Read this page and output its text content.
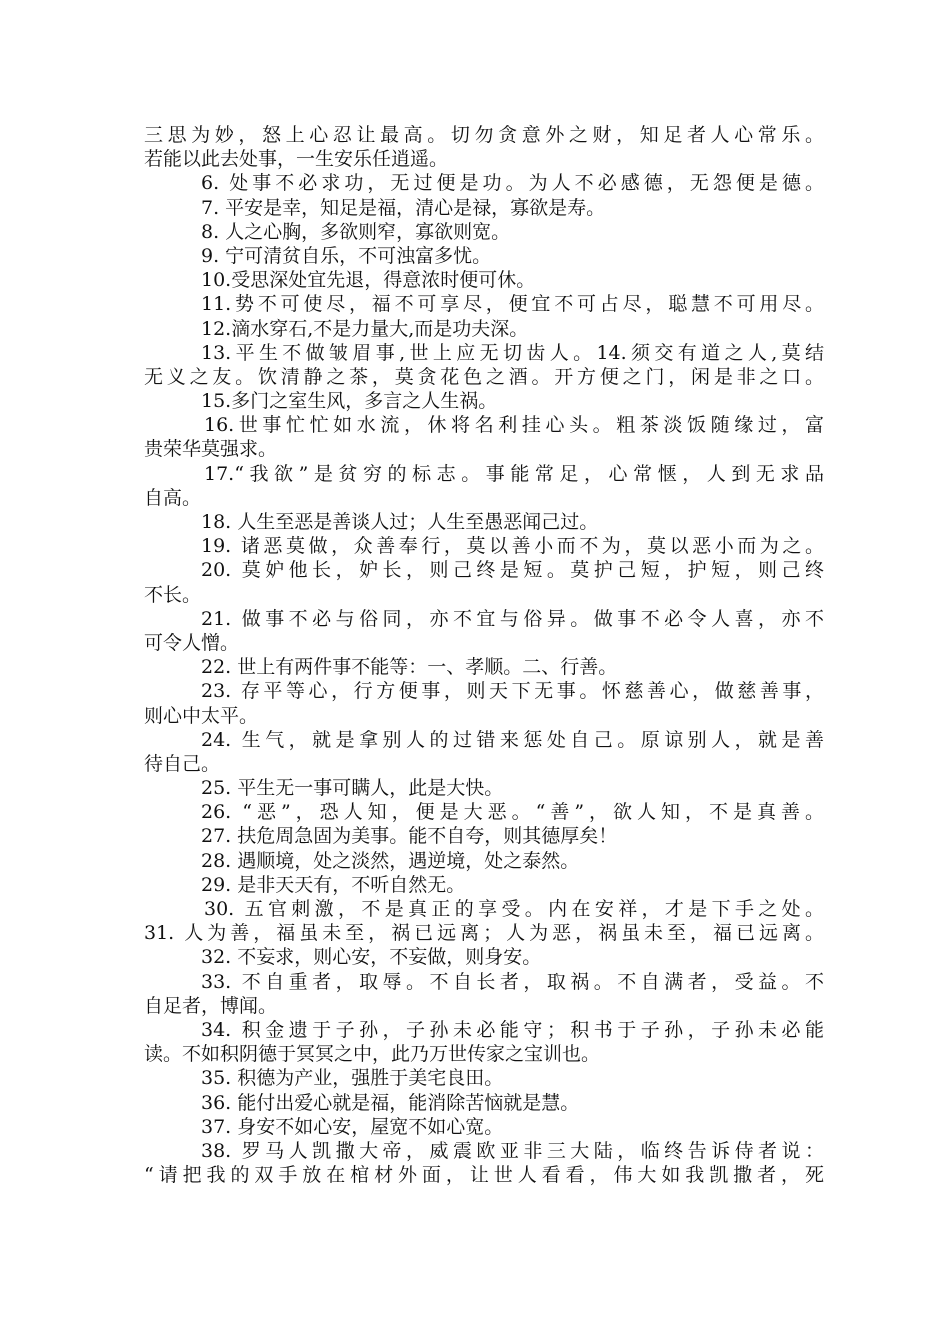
三思为妙，怒上心忍让最高。切勿贪意外之财，知足者人心常乐。
若能以此去处事，一生安乐任逍遥。
6. 处事不必求功，无过便是功。为人不必感德，无怨便是德。
7. 平安是幸，知足是福，清心是禄，寡欲是寿。
8. 人之心胸，多欲则窄，寡欲则宽。
9. 宁可清贫自乐，不可浊富多忧。
10.受思深处宜先退，得意浓时便可休。
11.势不可使尽，福不可享尽，便宜不可占尽，聪慧不可用尽。
12.滴水穿石,不是力量大,而是功夫深。
13.平生不做皱眉事,世上应无切齿人。14.须交有道之人,莫结
无义之友。饮清静之茶，莫贪花色之酒。开方便之门，闲是非之口。
15.多门之室生风，多言之人生祸。
16.世事忙忙如水流，休将名利挂心头。粗茶淡饭随缘过，富
贵荣华莫强求。
17.“我欲”是贫穷的标志。事能常足，心常惬，人到无求品
自高。
18. 人生至恶是善谈人过；人生至愚恶闻己过。
19. 诸恶莫做，众善奉行，莫以善小而不为，莫以恶小而为之。
20. 莫妒他长，妒长，则己终是短。莫护己短，护短，则己终
不长。
21. 做事不必与俗同，亦不宜与俗异。做事不必令人喜，亦不
可令人憎。
22. 世上有两件事不能等：一、孝顺。二、行善。
23. 存平等心，行方便事，则天下无事。怀慈善心，做慈善事，
则心中太平。
24. 生气，就是拿别人的过错来惩处自己。原谅别人，就是善
待自己。
25. 平生无一事可瞒人，此是大快。
26. “恶”，恐人知，便是大恶。“善”，欲人知，不是真善。
27. 扶危周急固为美事。能不自夸，则其德厚矣！
28. 遇顺境，处之淡然，遇逆境，处之泰然。
29. 是非天天有，不听自然无。
30. 五官刺激，不是真正的享受。内在安祥，才是下手之处。
31. 人为善，福虽未至，祸已远离；人为恶，祸虽未至，福已远离。
32. 不妄求，则心安，不妄做，则身安。
33. 不自重者，取辱。不自长者，取祸。不自满者，受益。不
自足者，博闻。
34. 积金遗于子孙，子孙未必能守；积书于子孙，子孙未必能
读。不如积阴德于冥冥之中，此乃万世传家之宝训也。
35. 积德为产业，强胜于美宅良田。
36. 能付出爱心就是福，能消除苦恼就是慧。
37. 身安不如心安，屋宽不如心宽。
38. 罗马人凯撒大帝，威震欧亚非三大陆，临终告诉侍者说：
“请把我的双手放在棺材外面，让世人看看，伟大如我凯撒者，死
